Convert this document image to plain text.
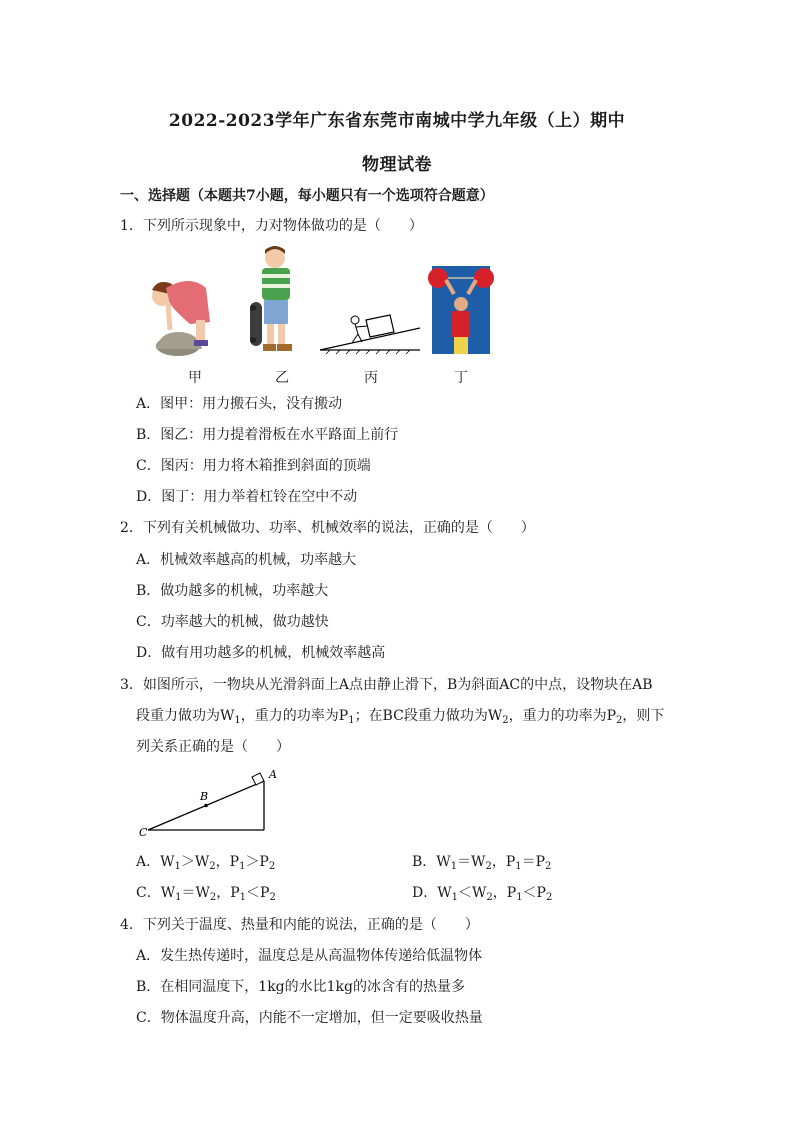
2022-2023学年广东省东莞市南城中学九年级（上）期中
物理试卷
一、选择题（本题共7小题，每小题只有一个选项符合题意）
1．下列所示现象中，力对物体做功的是（　　）
甲	乙	丙	丁
A．图甲：用力搬石头，没有搬动
B．图乙：用力提着滑板在水平路面上前行
C．图丙：用力将木箱推到斜面的顶端
D．图丁：用力举着杠铃在空中不动
2．下列有关机械做功、功率、机械效率的说法，正确的是（　　）
A．机械效率越高的机械，功率越大
B．做功越多的机械，功率越大
C．功率越大的机械，做功越快
D．做有用功越多的机械，机械效率越高
3．如图所示，一物块从光滑斜面上A点由静止滑下，B为斜面AC的中点，设物块在AB
段重力做功为$W_1$，重力的功率为$P_1$；在BC段重力做功为$W_2$，重力的功率为$P_2$，则下
列关系正确的是（　　）
A
B
C
A．$W_1>W_2$，$P_1>P_2$	B．$W_1=W_2$，$P_1=P_2$
C．$W_1=W_2$，$P_1<P_2$	D．$W_1<W_2$，$P_1<P_2$
4．下列关于温度、热量和内能的说法，正确的是（　　）
A．发生热传递时，温度总是从高温物体传递给低温物体
B．在相同温度下，1kg的水比1kg的冰含有的热量多
C．物体温度升高，内能不一定增加，但一定要吸收热量
